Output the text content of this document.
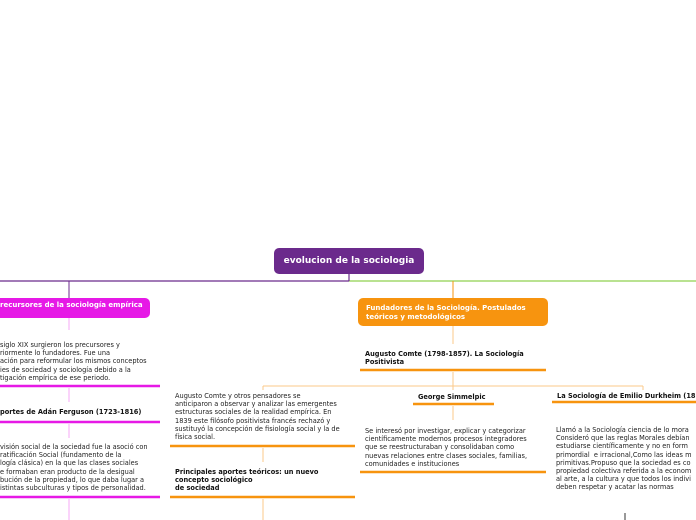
evolucion de la sociologia
recursores de la sociología empírica
siglo XIX surgieron los precursores y
riormente lo fundadores. Fue una
ación para reformular los mismos conceptos
ies de sociedad y sociología debido a la
tigación empírica de ese periodo.
portes de Adán Ferguson (1723-1816)
visión social de la sociedad fue la asoció con
ratificación Social (fundamento de la
logía clásica) en la que las clases sociales
e formaban eran producto de la desigual
bución de la propiedad, lo que daba lugar a
istintas subculturas y tipos de personalidad.
Fundadores de la Sociología. Postulados
teóricos y metodológicos
Augusto Comte (1798-1857). La Sociología
Positivista
Augusto Comte y otros pensadores se
anticiparon a observar y analizar las emergentes
estructuras sociales de la realidad empírica. En
1839 este filósofo positivista francés rechazó y
sustituyó la concepción de fisiología social y la de
física social.
Principales aportes teóricos: un nuevo
concepto sociológico
de sociedad
George Simmelpic
Se interesó por investigar, explicar y categorizar
científicamente modernos procesos integradores
que se reestructuraban y consolidaban como
nuevas relaciones entre clases sociales, familias,
comunidades e instituciones
La Sociología de Emilio Durkheim (18
Llamó a la Sociología ciencia de lo mora
Consideró que las reglas Morales debían
estudiarse científicamente y no en form
primordial  e irracional,Como las ideas m
primitivas.Propuso que la sociedad es co
propiedad colectiva referida a la econom
al arte, a la cultura y que todos los indivi
deben respetar y acatar las normas
